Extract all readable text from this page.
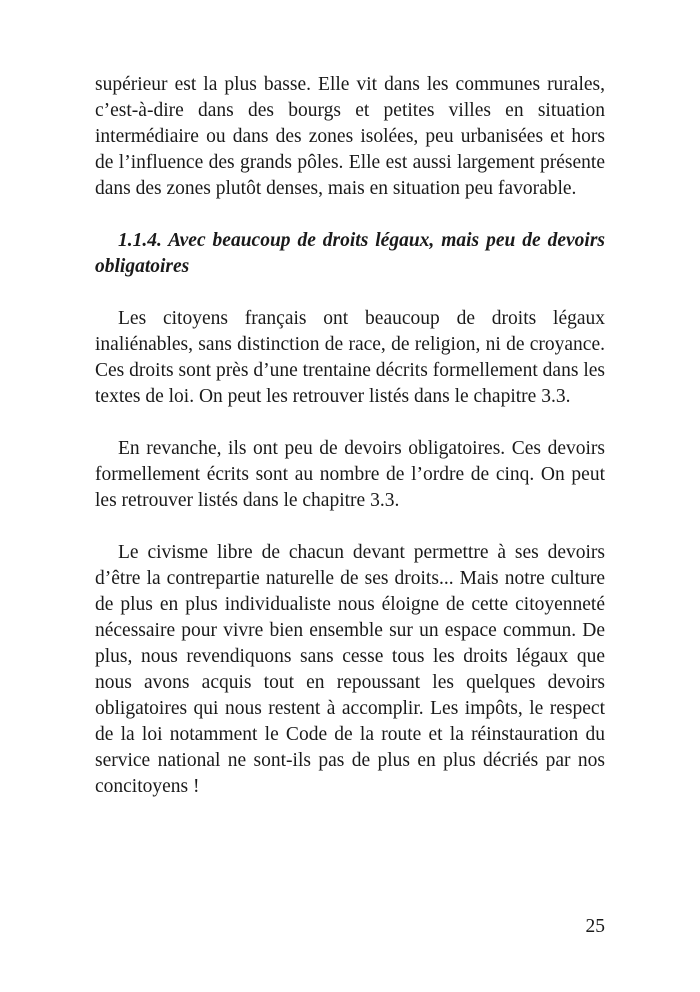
supérieur est la plus basse. Elle vit dans les communes rurales, c’est-à-dire dans des bourgs et petites villes en situation intermédiaire ou dans des zones isolées, peu urbanisées et hors de l’influence des grands pôles. Elle est aussi largement présente dans des zones plutôt denses, mais en situation peu favorable.

1.1.4. Avec beaucoup de droits légaux, mais peu de devoirs obligatoires

Les citoyens français ont beaucoup de droits légaux inaliénables, sans distinction de race, de religion, ni de croyance. Ces droits sont près d’une trentaine décrits formellement dans les textes de loi. On peut les retrouver listés dans le chapitre 3.3.

En revanche, ils ont peu de devoirs obligatoires. Ces devoirs formellement écrits sont au nombre de l’ordre de cinq. On peut les retrouver listés dans le chapitre 3.3.

Le civisme libre de chacun devant permettre à ses devoirs d’être la contrepartie naturelle de ses droits... Mais notre culture de plus en plus individualiste nous éloigne de cette citoyenneté nécessaire pour vivre bien ensemble sur un espace commun. De plus, nous revendiquons sans cesse tous les droits légaux que nous avons acquis tout en repoussant les quelques devoirs obligatoires qui nous restent à accomplir. Les impôts, le respect de la loi notamment le Code de la route et la réinstauration du service national ne sont-ils pas de plus en plus décriés par nos concitoyens !

25
